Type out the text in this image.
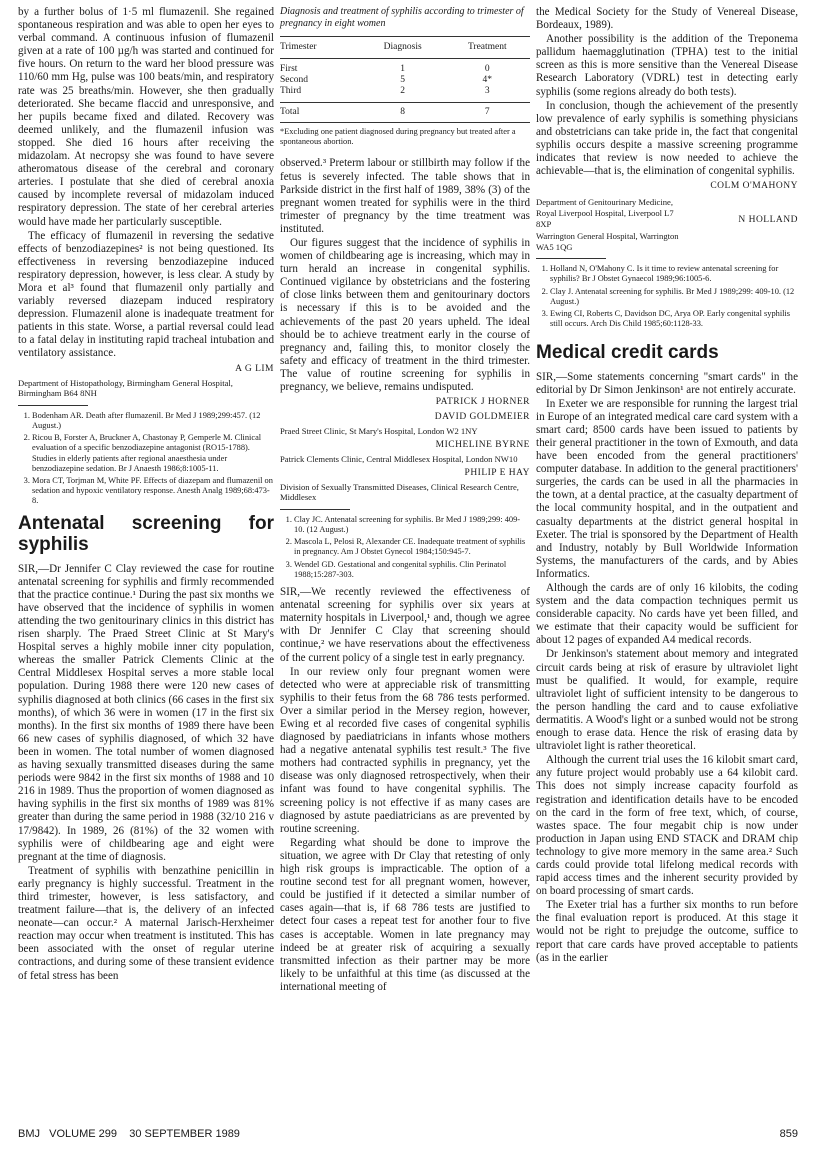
by a further bolus of 1·5 ml flumazenil. She regained spontaneous respiration and was able to open her eyes to verbal command. A continuous infusion of flumazenil given at a rate of 100 µg/h was started and continued for five hours. On return to the ward her blood pressure was 110/60 mm Hg, pulse was 100 beats/min, and respiratory rate was 25 breaths/min. However, she then gradually deteriorated. She became flaccid and unresponsive, and her pupils became fixed and dilated. Recovery was deemed unlikely, and the flumazenil infusion was stopped. She died 16 hours after receiving the midazolam. At necropsy she was found to have severe atheromatous disease of the cerebral and coronary arteries. I postulate that she died of cerebral anoxia caused by incomplete reversal of midazolam induced respiratory depression. The state of her cerebral arteries would have made her particularly susceptible.

The efficacy of flumazenil in reversing the sedative effects of benzodiazepines² is not being questioned. Its effectiveness in reversing benzodiazepine induced respiratory depression, however, is less clear. A study by Mora et al³ found that flumazenil only partially and variably reversed diazepam induced respiratory depression. Flumazenil alone is inadequate treatment for patients in this state. Worse, a partial reversal could lead to a fatal delay in instituting rapid tracheal intubation and ventilatory assistance.

A G LIM
Department of Histopathology, Birmingham General Hospital, Birmingham B64 8NH
1. Bodenham AR. Death after flumazenil. Br Med J 1989;299:457. (12 August.)
2. Ricou B, Forster A, Bruckner A, Chastonay P, Gemperle M. Clinical evaluation of a specific benzodiazepine antagonist (RO15-1788). Studies in elderly patients after regional anaesthesia under benzodiazepine sedation. Br J Anaesth 1986;8:1005-11.
3. Mora CT, Torjman M, White PF. Effects of diazepam and flumazenil on sedation and hypoxic ventilatory response. Anesth Analg 1989;68:473-8.
Antenatal screening for syphilis

SIR,—Dr Jennifer C Clay reviewed the case for routine antenatal screening for syphilis and firmly recommended that the practice continue.¹ During the past six months we have observed that the incidence of syphilis in women attending the two genitourinary clinics in this district has risen sharply. The Praed Street Clinic at St Mary's Hospital serves a highly mobile inner city population, whereas the smaller Patrick Clements Clinic at the Central Middlesex Hospital serves a more stable local population. During 1988 there were 120 new cases of syphilis diagnosed at both clinics (66 cases in the first six months), of which 36 were in women (17 in the first six months). In the first six months of 1989 there have been 66 new cases of syphilis diagnosed, of which 32 have been in women. The total number of women diagnosed as having sexually transmitted diseases during the same periods were 9842 in the first six months of 1988 and 10 216 in 1989. Thus the proportion of women diagnosed as having syphilis in the first six months of 1989 was 81% greater than during the same period in 1988 (32/10 216 v 17/9842). In 1989, 26 (81%) of the 32 women with syphilis were of childbearing age and eight were pregnant at the time of diagnosis.

Treatment of syphilis with benzathine penicillin in early pregnancy is highly successful. Treatment in the third trimester, however, is less satisfactory, and treatment failure—that is, the delivery of an infected neonate—can occur.² A maternal Jarisch-Herxheimer reaction may occur when treatment is instituted. This has been associated with the onset of regular uterine contractions, and during some of these transient evidence of fetal stress has been

Diagnosis and treatment of syphilis according to trimester of pregnancy in eight women
Trimester	Diagnosis	Treatment
First	1	0
Second	5	4*
Third	2	3
Total	8	7
*Excluding one patient diagnosed during pregnancy but treated after a spontaneous abortion.

observed.³ Preterm labour or stillbirth may follow if the fetus is severely infected. The table shows that in Parkside district in the first half of 1989, 38% (3) of the pregnant women treated for syphilis were in the third trimester of pregnancy by the time treatment was instituted.

Our figures suggest that the incidence of syphilis in women of childbearing age is increasing, which may in turn herald an increase in congenital syphilis. Continued vigilance by obstetricians and the fostering of close links between them and genitourinary doctors is necessary if this is to be avoided and the achievements of the past 20 years upheld. The ideal should be to achieve treatment early in the course of pregnancy and, failing this, to monitor closely the safety and efficacy of treatment in the third trimester. The value of routine screening for syphilis in pregnancy, we believe, remains undisputed.

PATRICK J HORNER
DAVID GOLDMEIER
Praed Street Clinic, St Mary's Hospital, London W2 1NY
MICHELINE BYRNE
Patrick Clements Clinic, Central Middlesex Hospital, London NW10
PHILIP E HAY
Division of Sexually Transmitted Diseases, Clinical Research Centre, Middlesex
1. Clay JC. Antenatal screening for syphilis. Br Med J 1989;299: 409-10. (12 August.)
2. Mascola L, Pelosi R, Alexander CE. Inadequate treatment of syphilis in pregnancy. Am J Obstet Gynecol 1984;150:945-7.
3. Wendel GD. Gestational and congenital syphilis. Clin Perinatol 1988;15:287-303.

SIR,—We recently reviewed the effectiveness of antenatal screening for syphilis over six years at maternity hospitals in Liverpool,¹ and, though we agree with Dr Jennifer C Clay that screening should continue,² we have reservations about the effectiveness of the current policy of a single test in early pregnancy.

In our review only four pregnant women were detected who were at appreciable risk of transmitting syphilis to their fetus from the 68 786 tests performed. Over a similar period in the Mersey region, however, Ewing et al recorded five cases of congenital syphilis diagnosed by paediatricians in infants whose mothers had a negative antenatal syphilis test result.³ The five mothers had contracted syphilis in pregnancy, yet the disease was only diagnosed retrospectively, when their infant was found to have congenital syphilis. The screening policy is not effective if as many cases are diagnosed by astute paediatricians as are prevented by routine screening.

Regarding what should be done to improve the situation, we agree with Dr Clay that retesting of only high risk groups is impracticable. The option of a routine second test for all pregnant women, however, could be justified if it detected a similar number of cases again—that is, if 68 786 tests are justified to detect four cases a repeat test for another four to five cases is acceptable. Women in late pregnancy may indeed be at greater risk of acquiring a sexually transmitted infection as their partner may be more likely to be unfaithful at this time (as discussed at the international meeting of

the Medical Society for the Study of Venereal Disease, Bordeaux, 1989).

Another possibility is the addition of the Treponema pallidum haemagglutination (TPHA) test to the initial screen as this is more sensitive than the Venereal Disease Research Laboratory (VDRL) test in detecting early syphilis (some regions already do both tests).

In conclusion, though the achievement of the presently low prevalence of early syphilis is something physicians and obstetricians can take pride in, the fact that congenital syphilis occurs despite a massive screening programme indicates that review is now needed to achieve the achievable—that is, the elimination of congenital syphilis.

COLM O'MAHONY
Department of Genitourinary Medicine, Royal Liverpool Hospital, Liverpool L7 8XP	N HOLLAND
Warrington General Hospital, Warrington WA5 1QG
1. Holland N, O'Mahony C. Is it time to review antenatal screening for syphilis? Br J Obstet Gynaecol 1989;96:1005-6.
2. Clay J. Antenatal screening for syphilis. Br Med J 1989;299: 409-10. (12 August.)
3. Ewing CI, Roberts C, Davidson DC, Arya OP. Early congenital syphilis still occurs. Arch Dis Child 1985;60:1128-33.
Medical credit cards

SIR,—Some statements concerning "smart cards" in the editorial by Dr Simon Jenkinson¹ are not entirely accurate.

In Exeter we are responsible for running the largest trial in Europe of an integrated medical care card system with a smart card; 8500 cards have been issued to patients by their general practitioner in the town of Exmouth, and data have been encoded from the general practitioners' computer database. In addition to the general practitioners' surgeries, the cards can be used in all the pharmacies in the town, at a dental practice, at the casualty department of the local community hospital, and in the outpatient and casualty departments at the district general hospital in Exeter. The trial is sponsored by the Department of Health and Industry, notably by Bull Worldwide Information Systems, the manufacturers of the cards, and by Abies Informatics.

Although the cards are of only 16 kilobits, the coding system and the data compaction techniques permit us considerable capacity. No cards have yet been filled, and we estimate that their capacity would be sufficient for about 12 pages of expanded A4 medical records.

Dr Jenkinson's statement about memory and integrated circuit cards being at risk of erasure by ultraviolet light must be qualified. It would, for example, require ultraviolet light of sufficient intensity to be dangerous to the person handling the card and to cause exfoliative dermatitis. A Wood's light or a sunbed would not be strong enough to erase data. Hence the risk of erasing data by ultraviolet light is rather theoretical.

Although the current trial uses the 16 kilobit smart card, any future project would probably use a 64 kilobit card. This does not simply increase capacity fourfold as registration and identification details have to be encoded on the card in the form of free text, which, of course, wastes space. The four megabit chip is now under production in Japan using END STACK and DRAM chip technology to give more memory in the same area.² Such cards could provide total lifelong medical records with rapid access times and the inherent security provided by on board processing of smart cards.

The Exeter trial has a further six months to run before the final evaluation report is produced. At this stage it would not be right to prejudge the outcome, suffice to report that care cards have proved acceptable to patients (as in the earlier

BMJ   VOLUME 299    30 SEPTEMBER 1989	859
